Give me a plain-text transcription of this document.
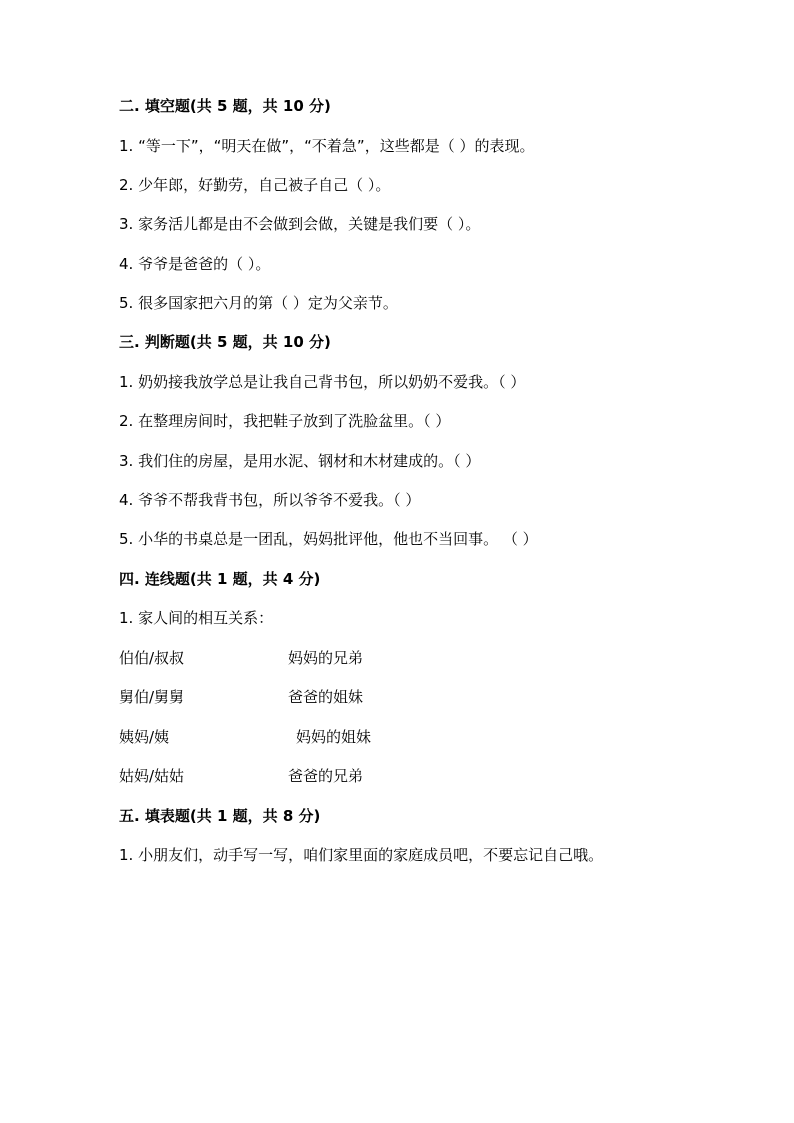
二. 填空题(共 5 题，共 10 分)
1. “等一下”，“明天在做”，“不着急”，这些都是（ ）的表现。
2. 少年郎，好勤劳，自己被子自己（ ）。
3. 家务活儿都是由不会做到会做，关键是我们要（ ）。
4. 爷爷是爸爸的（ ）。
5. 很多国家把六月的第（ ）定为父亲节。
三. 判断题(共 5 题，共 10 分)
1. 奶奶接我放学总是让我自己背书包，所以奶奶不爱我。（ ）
2. 在整理房间时，我把鞋子放到了洗脸盆里。（ ）
3. 我们住的房屋，是用水泥、钢材和木材建成的。（ ）
4. 爷爷不帮我背书包，所以爷爷不爱我。（ ）
5. 小华的书桌总是一团乱，妈妈批评他，他也不当回事。 （ ）
四. 连线题(共 1 题，共 4 分)
1. 家人间的相互关系：
伯伯/叔叔	妈妈的兄弟
舅伯/舅舅	爸爸的姐妹
姨妈/姨	妈妈的姐妹
姑妈/姑姑	爸爸的兄弟
五. 填表题(共 1 题，共 8 分)
1. 小朋友们，动手写一写，咱们家里面的家庭成员吧，不要忘记自己哦。
